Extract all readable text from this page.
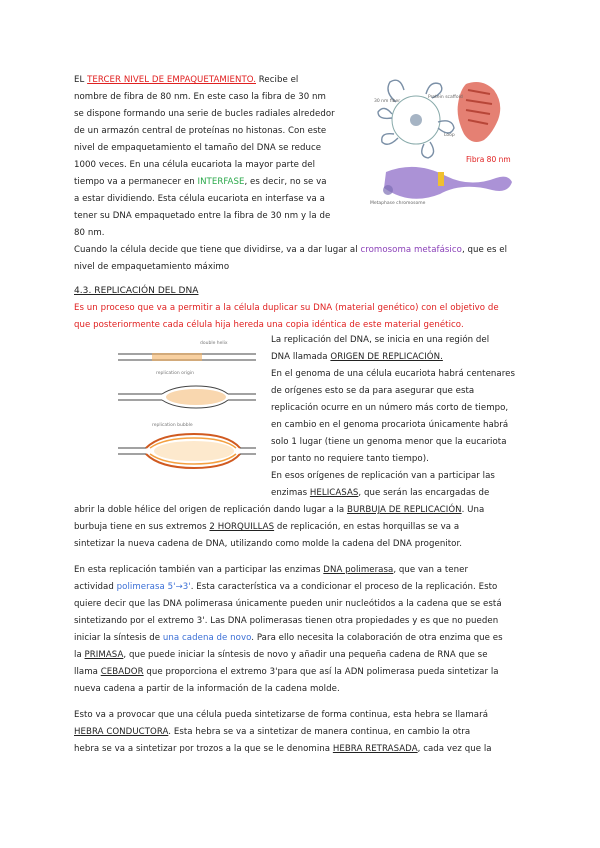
EL TERCER NIVEL DE EMPAQUETAMIENTO. Recibe el
nombre de fibra de 80 nm. En este caso la fibra de 30 nm
se dispone formando una serie de bucles radiales alrededor
de un armazón central de proteínas no histonas. Con este
nivel de empaquetamiento el tamaño del DNA se reduce
1000 veces. En una célula eucariota la mayor parte del
tiempo va a permanecer en INTERFASE, es decir, no se va
a estar dividiendo. Esta célula eucariota en interfase va a
tener su DNA empaquetado entre la fibra de 30 nm y la de
80 nm.
Cuando la célula decide que tiene que dividirse, va a dar lugar al cromosoma metafásico, que es el
nivel de empaquetamiento máximo
30 nm fiber
Protein scaffold
Loop
Metaphase chromosome
Fibra 80 nm
4.3. REPLICACIÓN DEL DNA
Es un proceso que va a permitir a la célula duplicar su DNA (material genético) con el objetivo de
que posteriormente cada célula hija hereda una copia idéntica de este material genético.
double helix
replication origin
replication bubble
La replicación del DNA, se inicia en una región del
DNA llamada ORIGEN DE REPLICACIÓN.
En el genoma de una célula eucariota habrá centenares
de orígenes esto se da para asegurar que esta
replicación ocurre en un número más corto de tiempo,
en cambio en el genoma procariota únicamente habrá
solo 1 lugar (tiene un genoma menor que la eucariota
por tanto no requiere tanto tiempo).
En esos orígenes de replicación van a participar las
enzimas HELICASAS, que serán las encargadas de
abrir la doble hélice del origen de replicación dando lugar a la BURBUJA DE REPLICACIÓN. Una
burbuja tiene en sus extremos 2 HORQUILLAS de replicación, en estas horquillas se va a
sintetizar la nueva cadena de DNA, utilizando como molde la cadena del DNA progenitor.
En esta replicación también van a participar las enzimas DNA polimerasa, que van a tener
actividad polimerasa 5'→3'. Esta característica va a condicionar el proceso de la replicación. Esto
quiere decir que las DNA polimerasa únicamente pueden unir nucleótidos a la cadena que se está
sintetizando por el extremo 3'. Las DNA polimerasas tienen otra propiedades y es que no pueden
iniciar la síntesis de una cadena de novo. Para ello necesita la colaboración de otra enzima que es
la PRIMASA, que puede iniciar la síntesis de novo y añadir una pequeña cadena de RNA que se
llama CEBADOR que proporciona el extremo 3'para que así la ADN polimerasa pueda sintetizar la
nueva cadena a partir de la información de la cadena molde.
Esto va a provocar que una célula pueda sintetizarse de forma continua, esta hebra se llamará
HEBRA CONDUCTORA. Esta hebra se va a sintetizar de manera continua, en cambio la otra
hebra se va a sintetizar por trozos a la que se le denomina HEBRA RETRASADA, cada vez que la
